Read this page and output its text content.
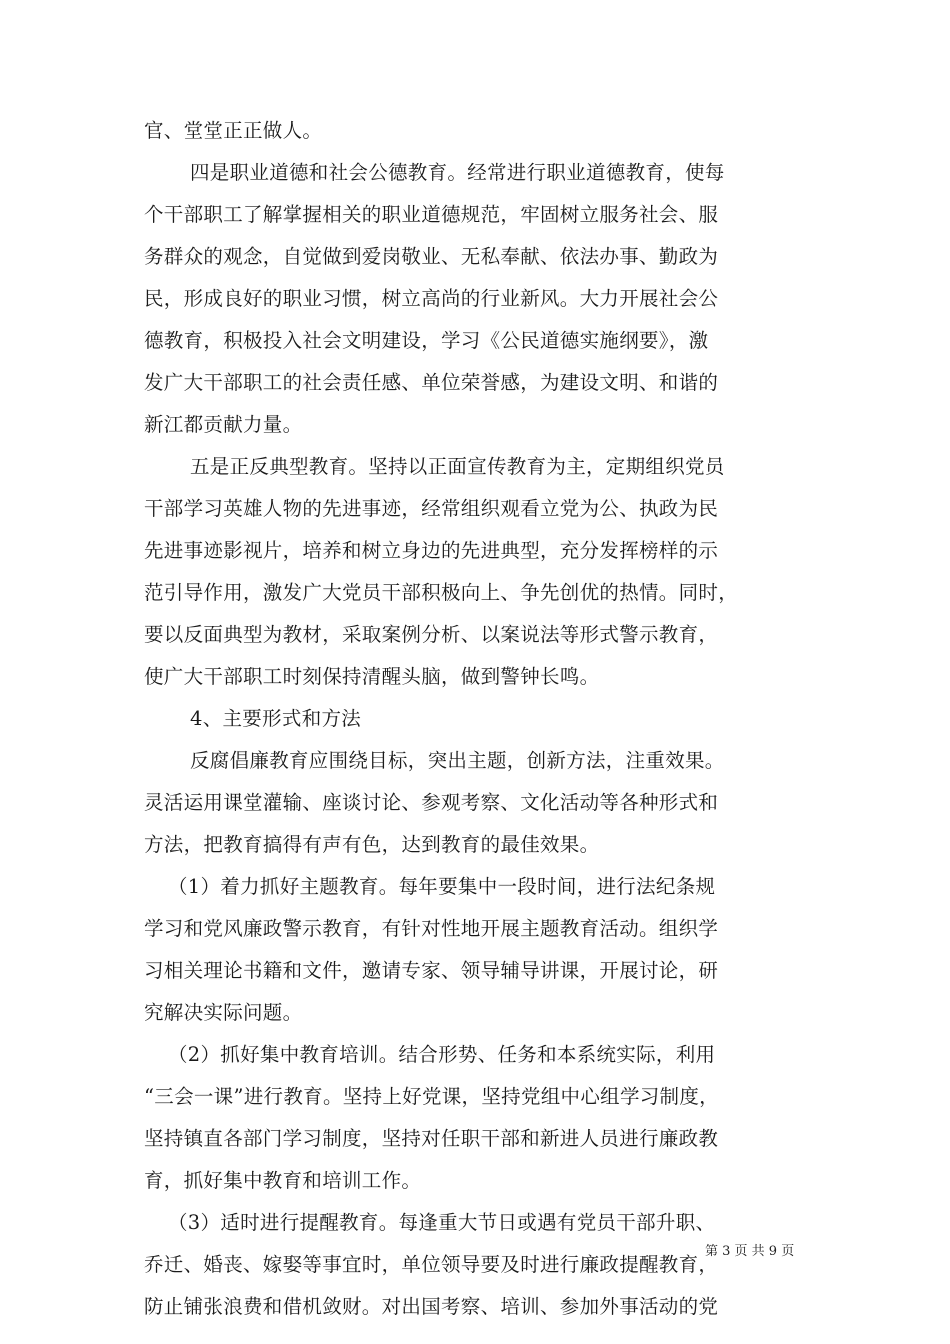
官、堂堂正正做人。
四是职业道德和社会公德教育。经常进行职业道德教育，使每
个干部职工了解掌握相关的职业道德规范，牢固树立服务社会、服
务群众的观念，自觉做到爱岗敬业、无私奉献、依法办事、勤政为
民，形成良好的职业习惯，树立高尚的行业新风。大力开展社会公
德教育，积极投入社会文明建设，学习《公民道德实施纲要》，激
发广大干部职工的社会责任感、单位荣誉感，为建设文明、和谐的
新江都贡献力量。
五是正反典型教育。坚持以正面宣传教育为主，定期组织党员
干部学习英雄人物的先进事迹，经常组织观看立党为公、执政为民
先进事迹影视片，培养和树立身边的先进典型，充分发挥榜样的示
范引导作用，激发广大党员干部积极向上、争先创优的热情。同时，
要以反面典型为教材，采取案例分析、以案说法等形式警示教育，
使广大干部职工时刻保持清醒头脑，做到警钟长鸣。
4、主要形式和方法
反腐倡廉教育应围绕目标，突出主题，创新方法，注重效果。
灵活运用课堂灌输、座谈讨论、参观考察、文化活动等各种形式和
方法，把教育搞得有声有色，达到教育的最佳效果。
（1）着力抓好主题教育。每年要集中一段时间，进行法纪条规
学习和党风廉政警示教育，有针对性地开展主题教育活动。组织学
习相关理论书籍和文件，邀请专家、领导辅导讲课，开展讨论，研
究解决实际问题。
（2）抓好集中教育培训。结合形势、任务和本系统实际，利用
“三会一课”进行教育。坚持上好党课，坚持党组中心组学习制度，
坚持镇直各部门学习制度，坚持对任职干部和新进人员进行廉政教
育，抓好集中教育和培训工作。
（3）适时进行提醒教育。每逢重大节日或遇有党员干部升职、
乔迁、婚丧、嫁娶等事宜时，单位领导要及时进行廉政提醒教育，
防止铺张浪费和借机敛财。对出国考察、培训、参加外事活动的党
第 3 页 共 9 页
